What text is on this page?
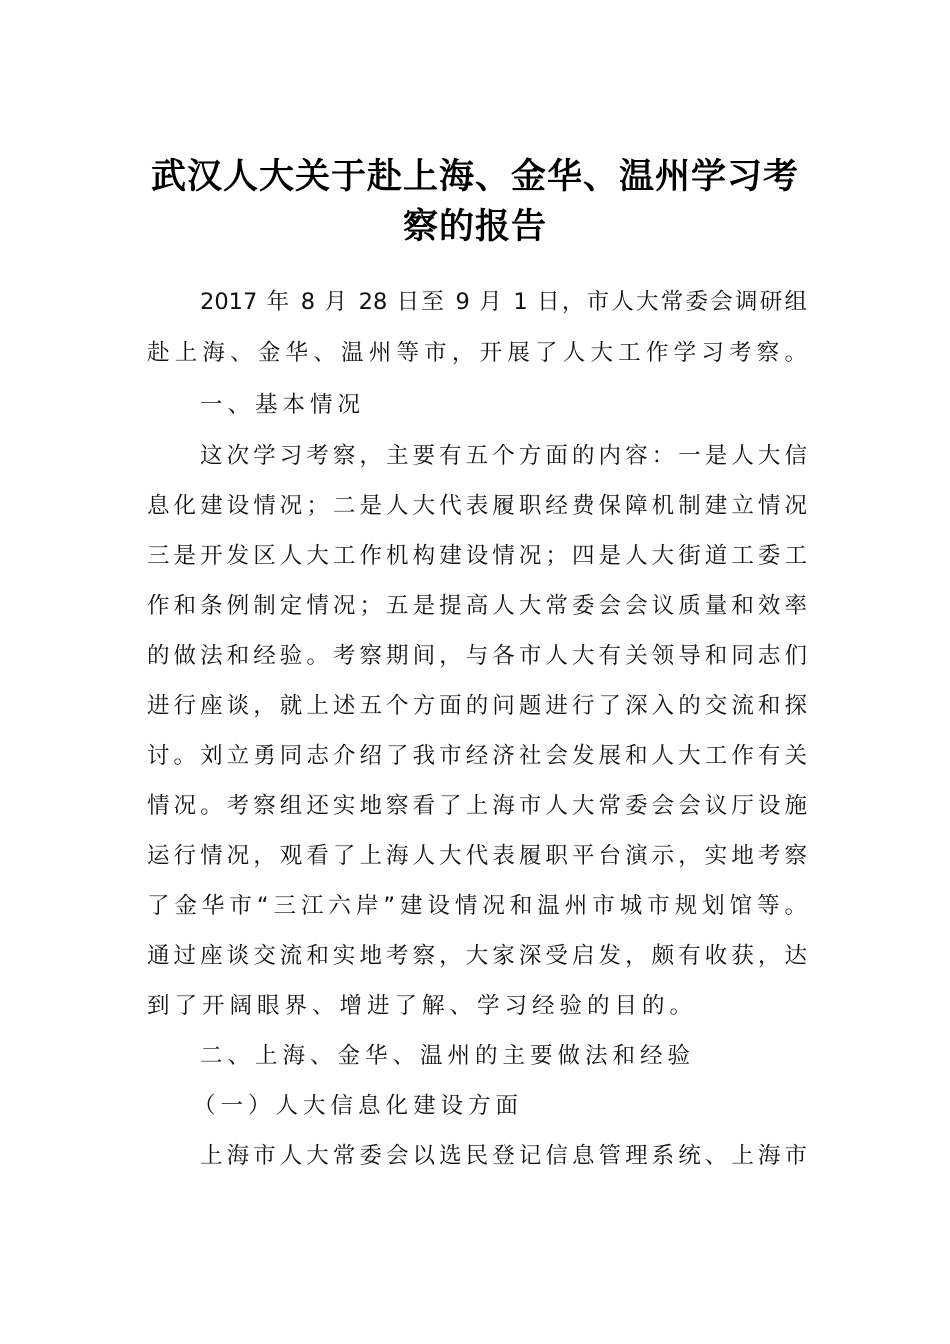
武汉人大关于赴上海、金华、温州学习考
察的报告
2017 年 8 月 28 日至 9 月 1 日，市人大常委会调研组
赴上海、金华、温州等市，开展了人大工作学习考察。
一、基本情况
这次学习考察，主要有五个方面的内容：一是人大信
息化建设情况；二是人大代表履职经费保障机制建立情况
三是开发区人大工作机构建设情况；四是人大街道工委工
作和条例制定情况；五是提高人大常委会会议质量和效率
的做法和经验。考察期间，与各市人大有关领导和同志们
进行座谈，就上述五个方面的问题进行了深入的交流和探
讨。刘立勇同志介绍了我市经济社会发展和人大工作有关
情况。考察组还实地察看了上海市人大常委会会议厅设施
运行情况，观看了上海人大代表履职平台演示，实地考察
了金华市“三江六岸”建设情况和温州市城市规划馆等。
通过座谈交流和实地考察，大家深受启发，颇有收获，达
到了开阔眼界、增进了解、学习经验的目的。
二、上海、金华、温州的主要做法和经验
（一）人大信息化建设方面
上海市人大常委会以选民登记信息管理系统、上海市
